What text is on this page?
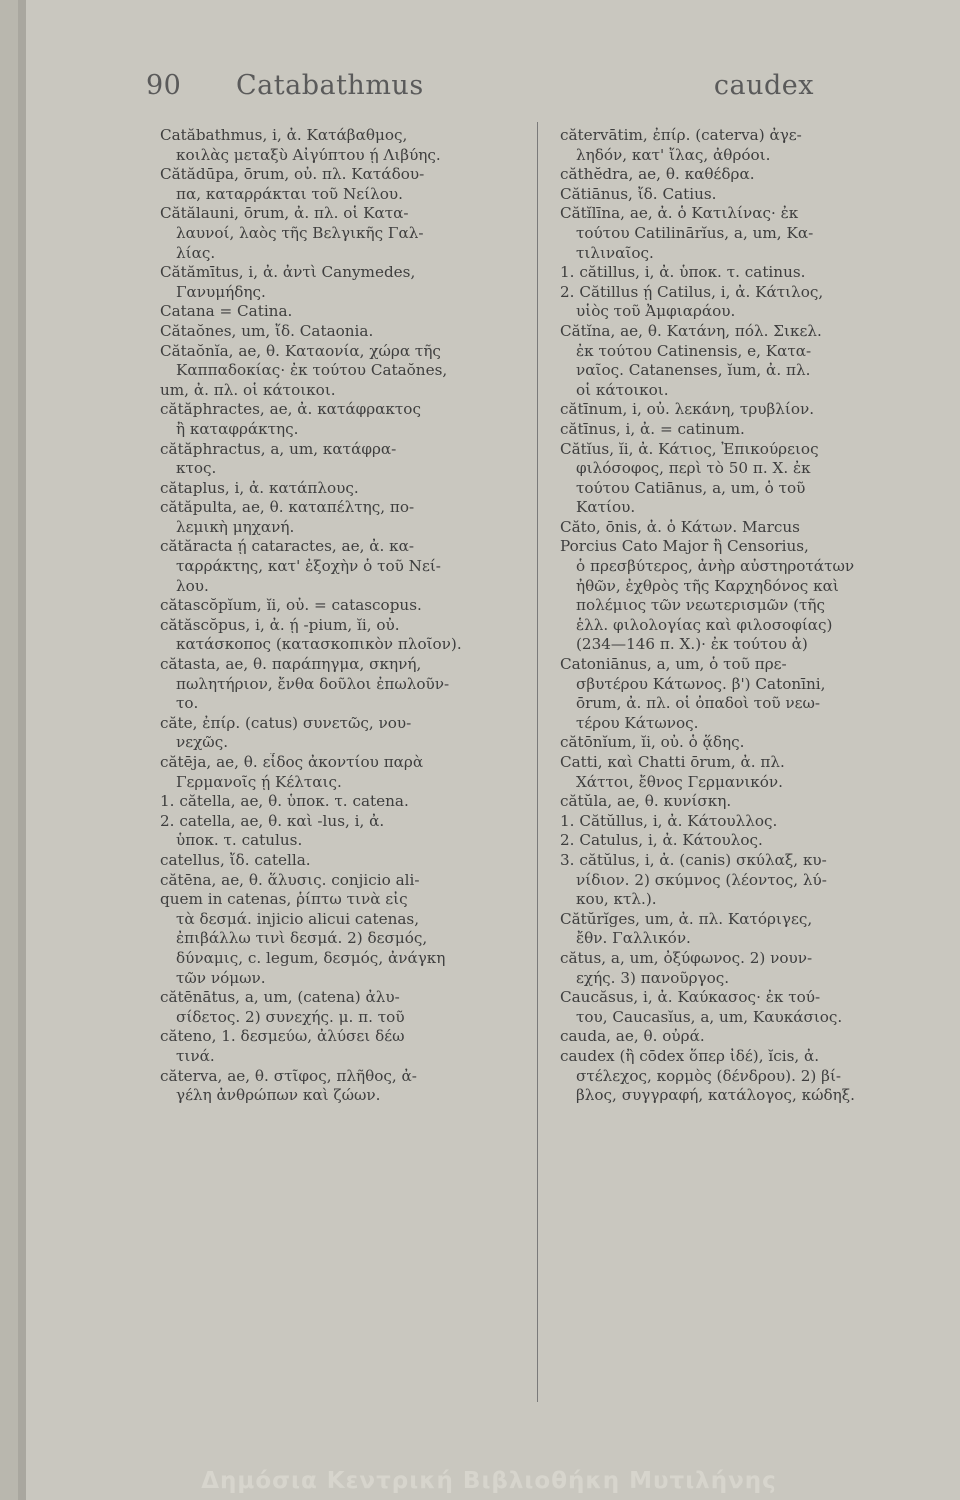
90 Catabathmus	caudex
Catăbathmus, i, ἀ. Κατάβαθμος,
κοιλὰς μεταξὺ Αἰγύπτου ῄ Λιβύης.
Cătădūpa, ōrum, οὐ. πλ. Κατάδου-
πα, καταρράκται τοῦ Νείλου.
Cătălauni, ōrum, ἀ. πλ. οἱ Κατα-
λαυνοί, λαὸς τῆς Βελγικῆς Γαλ-
λίας.
Cătămītus, i, ἀ. ἀντὶ Canymedes,
Γανυμήδης.
Catana = Catina.
Cătaŏnes, um, ἴδ. Cataonia.
Cătaŏnĭa, ae, θ. Καταονία, χώρα τῆς
Καππαδοκίας· ἐκ τούτου Cataŏnes,
um, ἀ. πλ. οἱ κάτοικοι.
cătăphractes, ae, ἀ. κατάφρακτος
ἢ καταφράκτης.
cătăphractus, a, um, κατάφρα-
κτος.
cătaplus, i, ἀ. κατάπλους.
cătăpulta, ae, θ. καταπέλτης, πο-
λεμικὴ μηχανή.
cătăracta ῄ cataractes, ae, ἀ. κα-
ταρράκτης, κατ' ἐξοχὴν ὁ τοῦ Νεί-
λου.
cătascŏpĭum, ĭi, οὐ. = catascopus.
cătăscŏpus, i, ἀ. ῄ -pium, ĭi, οὐ.
κατάσκοπος (κατασκοπικὸν πλοῖον).
cătasta, ae, θ. παράπηγμα, σκηνή,
πωλητήριον, ἔνθα δοῦλοι ἐπωλοῦν-
το.
căte, ἐπίρ. (catus) συνετῶς, νου-
νεχῶς.
cătēja, ae, θ. εἶδος ἀκοντίου παρὰ
Γερμανοῖς ῄ Κέλταις.
1. cătella, ae, θ. ὑποκ. τ. catena.
2. catella, ae, θ. καὶ -lus, i, ἀ.
ὑποκ. τ. catulus.
catellus, ἴδ. catella.
cătēna, ae, θ. ἅλυσις. conjicio ali-
quem in catenas, ῥίπτω τινὰ εἰς
τὰ δεσμά. injicio alicui catenas,
ἐπιβάλλω τινὶ δεσμά. 2) δεσμός,
δύναμις, c. legum, δεσμός, ἀνάγκη
τῶν νόμων.
cătēnātus, a, um, (catena) ἀλυ-
σίδετος. 2) συνεχής. μ. π. τοῦ
căteno, 1. δεσμεύω, ἀλύσει δέω
τινά.
căterva, ae, θ. στῖφος, πλῆθος, ἀ-
γέλη ἀνθρώπων καὶ ζώων.
cătervātim, ἐπίρ. (caterva) ἀγε-
ληδόν, κατ' ἴλας, ἀθρόοι.
căthĕdra, ae, θ. καθέδρα.
Cătiānus, ἴδ. Catius.
Cătĭlīna, ae, ἀ. ὁ Κατιλίνας· ἐκ
τούτου Catilinārĭus, a, um, Κα-
τιλιναῖος.
1. cătillus, i, ἀ. ὑποκ. τ. catinus.
2. Cătillus ῄ Catilus, i, ἀ. Κάτιλος,
υἱὸς τοῦ Ἀμφιαράου.
Cătĭna, ae, θ. Κατάνη, πόλ. Σικελ.
ἐκ τούτου Catinensis, e, Κατα-
ναῖος. Catanenses, ĭum, ἀ. πλ.
οἱ κάτοικοι.
cătīnum, i, οὐ. λεκάνη, τρυβλίον.
cătīnus, i, ἀ. = catinum.
Cătĭus, ĭi, ἀ. Κάτιος, Ἐπικούρειος
φιλόσοφος, περὶ τὸ 50 π. Χ. ἐκ
τούτου Catiānus, a, um, ὁ τοῦ
Κατίου.
Căto, ōnis, ἀ. ὁ Κάτων. Marcus
Porcius Cato Major ἢ Censorius,
ὁ πρεσβύτερος, ἀνὴρ αὐστηροτάτων
ἠθῶν, ἐχθρὸς τῆς Καρχηδόνος καὶ
πολέμιος τῶν νεωτερισμῶν (τῆς
ἑλλ. φιλολογίας καὶ φιλοσοφίας)
(234—146 π. Χ.)· ἐκ τούτου ἀ)
Catoniānus, a, um, ὁ τοῦ πρε-
σβυτέρου Κάτωνος. β') Catonīni,
ōrum, ἀ. πλ. οἱ ὀπαδοὶ τοῦ νεω-
τέρου Κάτωνος.
cătōnĭum, ĭi, οὐ. ὁ ᾅδης.
Catti, καὶ Chatti ōrum, ἀ. πλ.
Χάττοι, ἔθνος Γερμανικόν.
cătŭla, ae, θ. κυνίσκη.
1. Cătŭllus, i, ἀ. Κάτουλλος.
2. Catulus, i, ἀ. Κάτουλος.
3. cătŭlus, i, ἀ. (canis) σκύλαξ, κυ-
νίδιον. 2) σκύμνος (λέοντος, λύ-
κου, κτλ.).
Cătŭrĭges, um, ἀ. πλ. Κατόριγες,
ἔθν. Γαλλικόν.
cătus, a, um, ὀξύφωνος. 2) νουν-
εχής. 3) πανοῦργος.
Caucăsus, i, ἀ. Καύκασος· ἐκ τού-
του, Caucasĭus, a, um, Καυκάσιος.
cauda, ae, θ. οὐρά.
caudex (ἢ cōdex ὅπερ ἰδέ), ĭcis, ἀ.
στέλεχος, κορμὸς (δένδρου). 2) βί-
βλος, συγγραφή, κατάλογος, κώδηξ.
Δημόσια Κεντρική Βιβλιοθήκη Μυτιλήνης
